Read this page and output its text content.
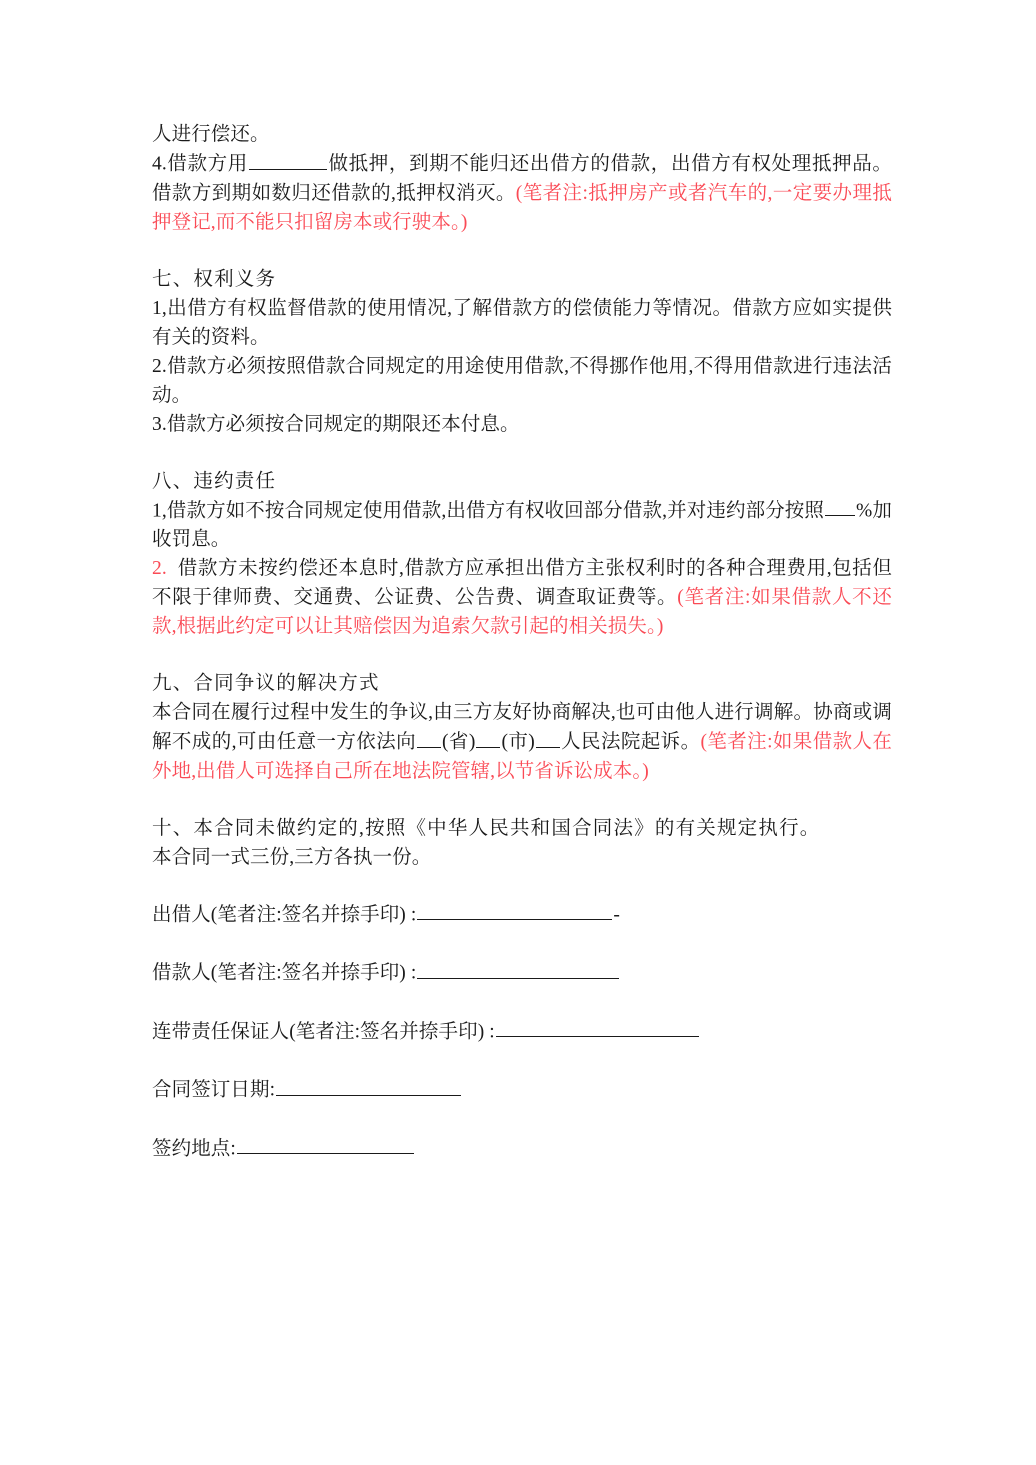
人进行偿还。

4.借款方用	做抵押，到期不能归还出借方的借款，出借方有权处理抵押品。借款方到期如数归还借款的,抵押权消灭。(笔者注:抵押房产或者汽车的,一定要办理抵押登记,而不能只扣留房本或行驶本。)

七、权利义务

1,出借方有权监督借款的使用情况,了解借款方的偿债能力等情况。借款方应如实提供有关的资料。

2.借款方必须按照借款合同规定的用途使用借款,不得挪作他用,不得用借款进行违法活动。

3.借款方必须按合同规定的期限还本付息。

八、违约责任

1,借款方如不按合同规定使用借款,出借方有权收回部分借款,并对违约部分按照 %加收罚息。

2. 借款方未按约偿还本息时,借款方应承担出借方主张权利时的各种合理费用,包括但不限于律师费、交通费、公证费、公告费、调查取证费等。(笔者注:如果借款人不还款,根据此约定可以让其赔偿因为追索欠款引起的相关损失。)

九、合同争议的解决方式

本合同在履行过程中发生的争议,由三方友好协商解决,也可由他人进行调解。协商或调解不成的,可由任意一方依法向 (省) (市) 人民法院起诉。(笔者注:如果借款人在外地,出借人可选择自己所在地法院管辖,以节省诉讼成本。)

十、本合同未做约定的,按照《中华人民共和国合同法》的有关规定执行。

本合同一式三份,三方各执一份。

出借人(笔者注:签名并捺手印) :	-

借款人(笔者注:签名并捺手印) :

连带责任保证人(笔者注:签名并捺手印) :

合同签订日期:

签约地点:
